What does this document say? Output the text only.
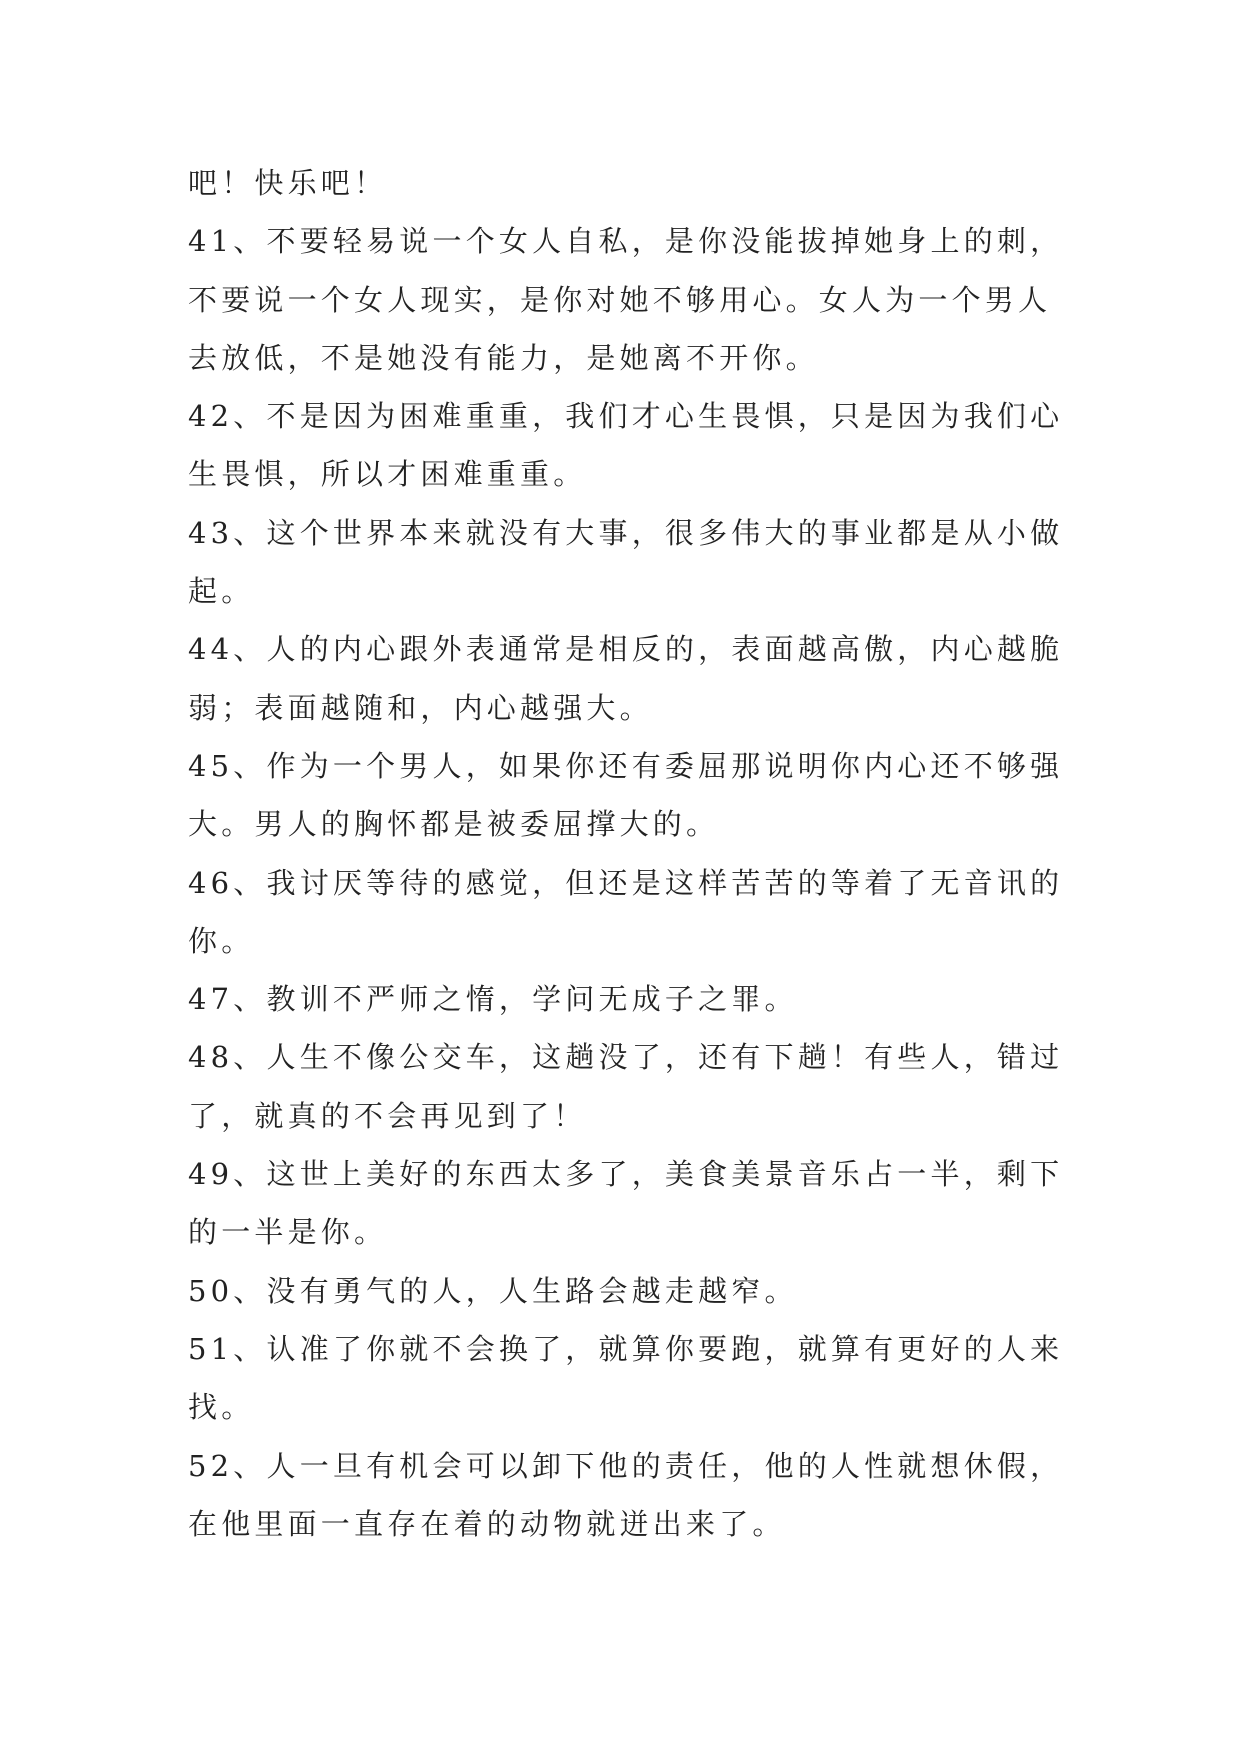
吧！快乐吧！

41、不要轻易说一个女人自私，是你没能拔掉她身上的刺，不要说一个女人现实，是你对她不够用心。女人为一个男人去放低，不是她没有能力，是她离不开你。

42、不是因为困难重重，我们才心生畏惧，只是因为我们心生畏惧，所以才困难重重。

43、这个世界本来就没有大事，很多伟大的事业都是从小做起。

44、人的内心跟外表通常是相反的，表面越高傲，内心越脆弱；表面越随和，内心越强大。

45、作为一个男人，如果你还有委屈那说明你内心还不够强大。男人的胸怀都是被委屈撑大的。

46、我讨厌等待的感觉，但还是这样苦苦的等着了无音讯的你。

47、教训不严师之惰，学问无成子之罪。

48、人生不像公交车，这趟没了，还有下趟！有些人，错过了，就真的不会再见到了！

49、这世上美好的东西太多了，美食美景音乐占一半，剩下的一半是你。

50、没有勇气的人，人生路会越走越窄。

51、认准了你就不会换了，就算你要跑，就算有更好的人来找。

52、人一旦有机会可以卸下他的责任，他的人性就想休假，在他里面一直存在着的动物就迸出来了。
